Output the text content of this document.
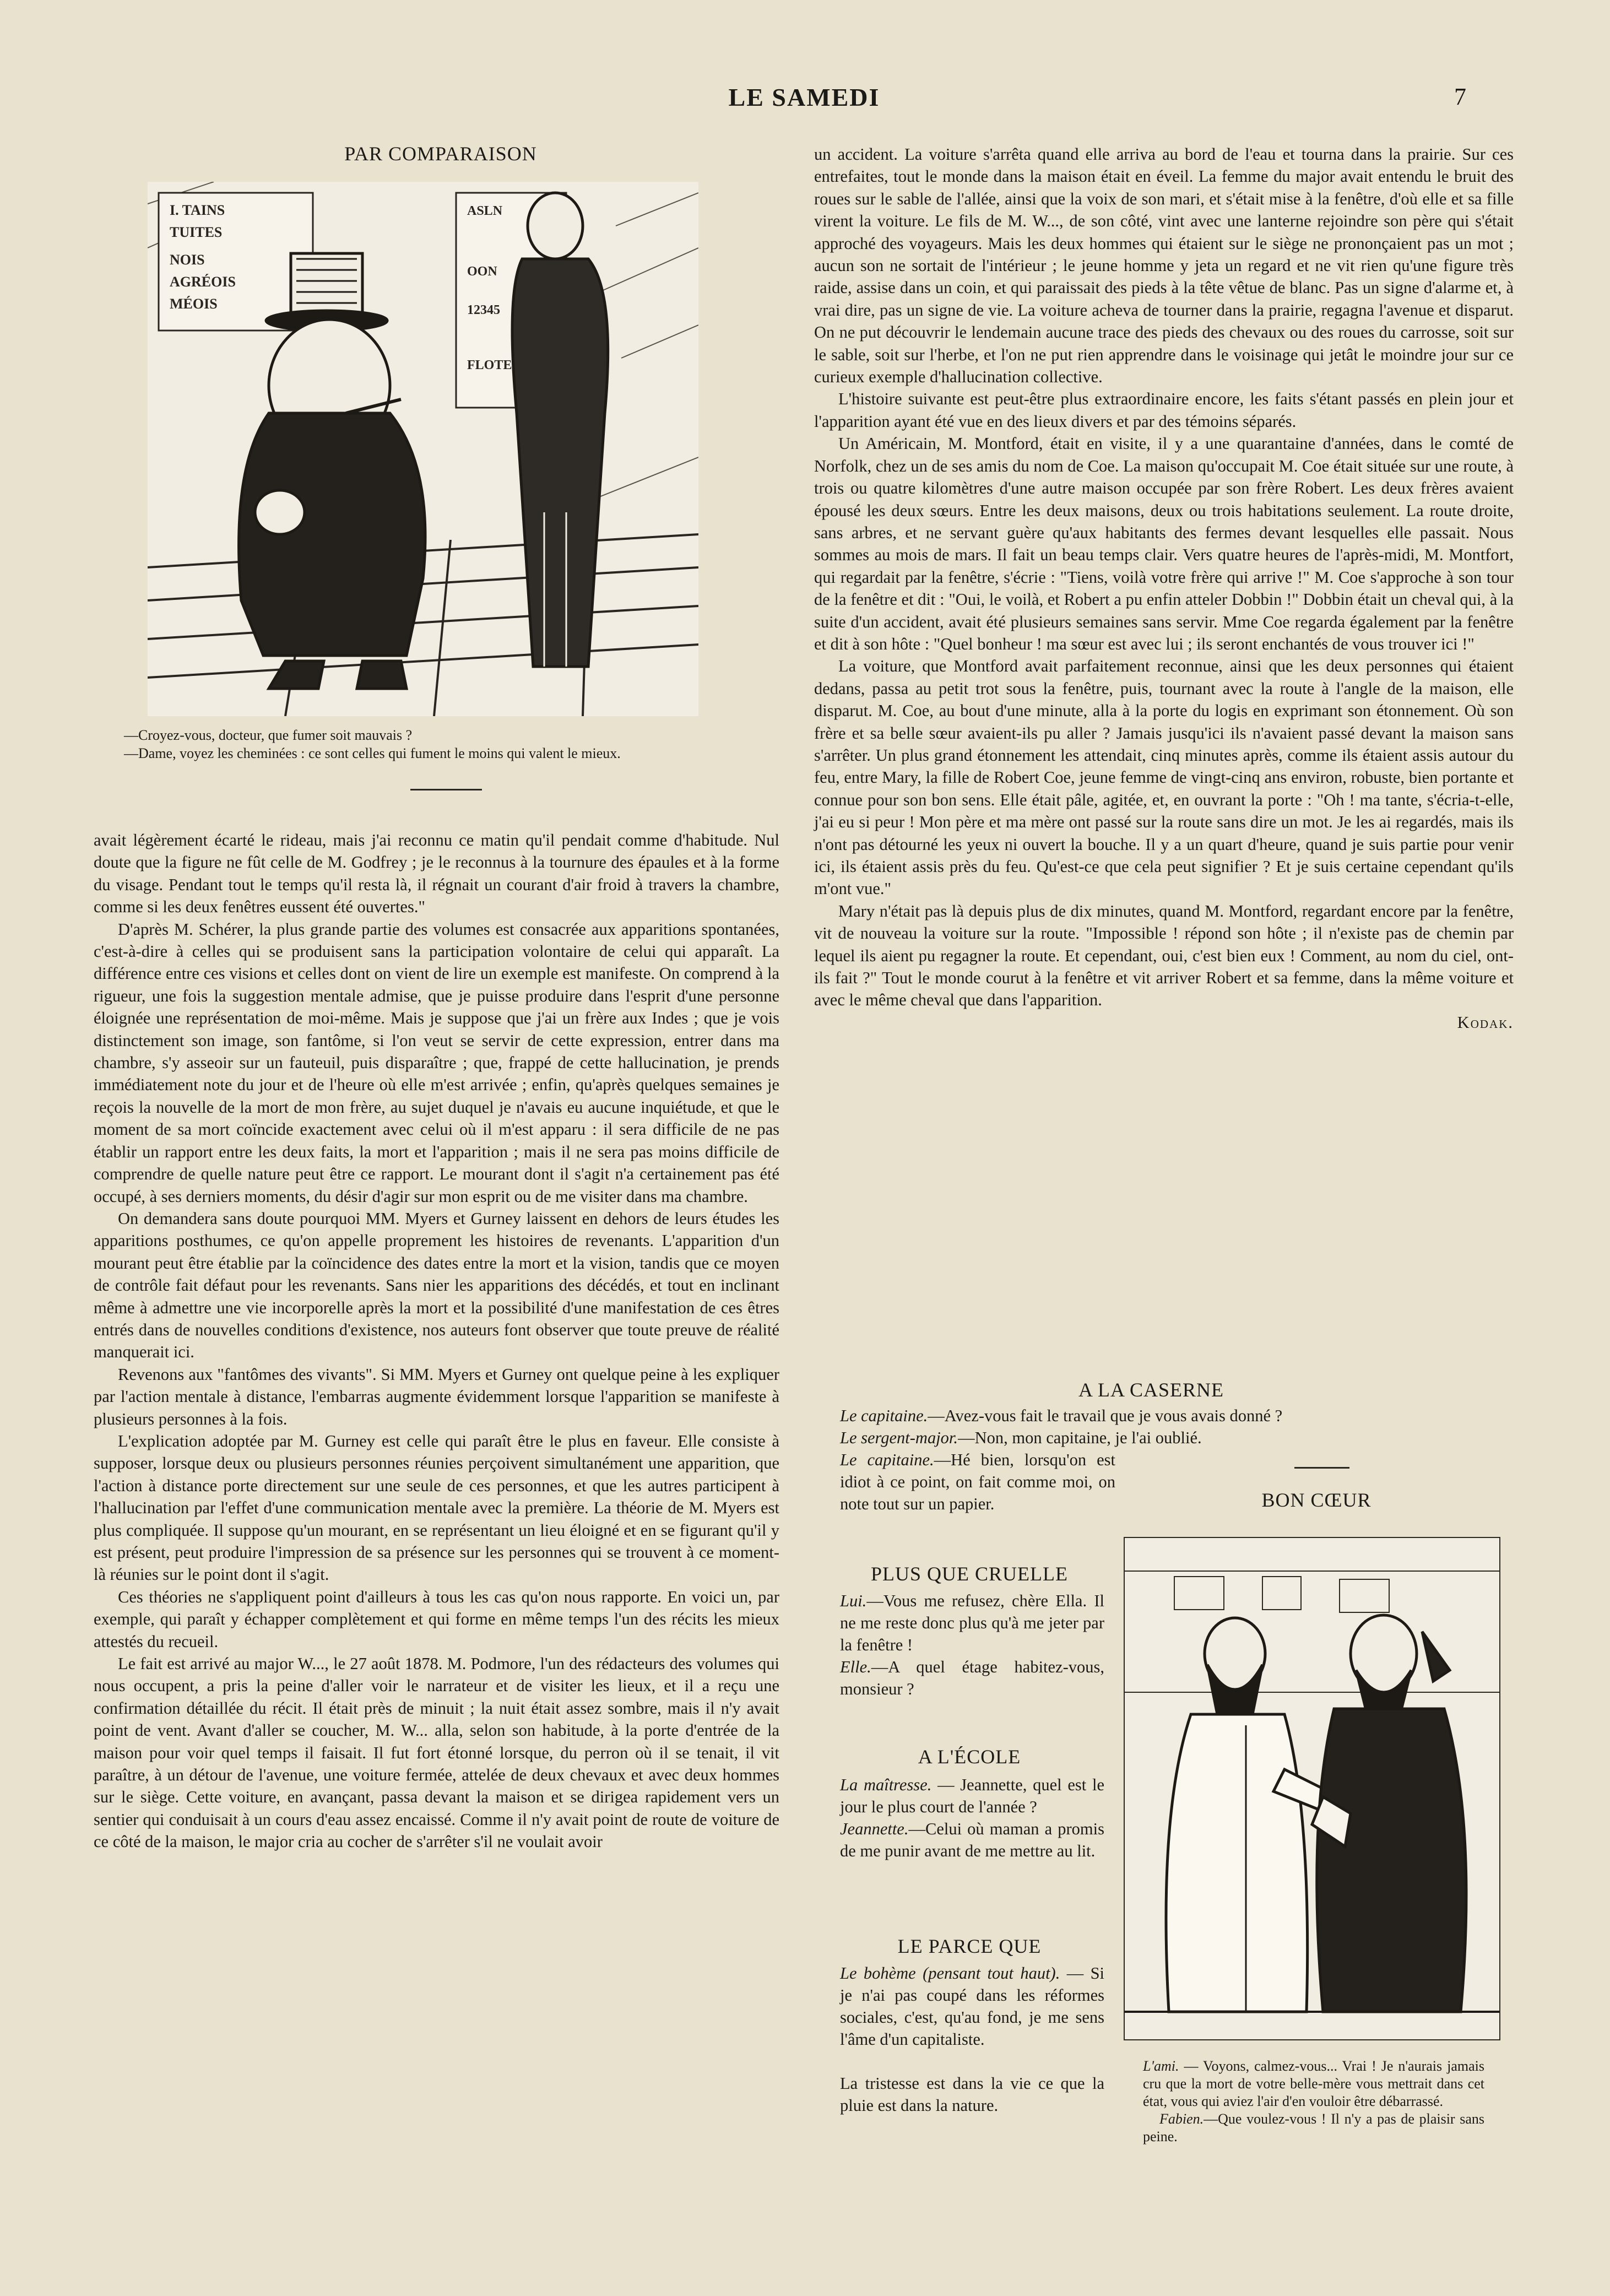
LE SAMEDI	7
PAR COMPARAISON
I. TAINS
TUITES
NOIS
AGRÉOIS
MÉOIS
ASLN
OON
12345
FLOTE

—Croyez-vous, docteur, que fumer soit mauvais ?

—Dame, voyez les cheminées : ce sont celles qui fument le moins qui valent le mieux.

avait légèrement écarté le rideau, mais j'ai reconnu ce matin qu'il pendait comme d'habitude. Nul doute que la figure ne fût celle de M. Godfrey ; je le reconnus à la tournure des épaules et à la forme du visage. Pendant tout le temps qu'il resta là, il régnait un courant d'air froid à travers la chambre, comme si les deux fenêtres eussent été ouvertes."

D'après M. Schérer, la plus grande partie des volumes est consacrée aux apparitions spontanées, c'est-à-dire à celles qui se produisent sans la participation volontaire de celui qui apparaît. La différence entre ces visions et celles dont on vient de lire un exemple est manifeste. On comprend à la rigueur, une fois la suggestion mentale admise, que je puisse produire dans l'esprit d'une personne éloignée une représentation de moi-même. Mais je suppose que j'ai un frère aux Indes ; que je vois distinctement son image, son fantôme, si l'on veut se servir de cette expression, entrer dans ma chambre, s'y asseoir sur un fauteuil, puis disparaître ; que, frappé de cette hallucination, je prends immédiatement note du jour et de l'heure où elle m'est arrivée ; enfin, qu'après quelques semaines je reçois la nouvelle de la mort de mon frère, au sujet duquel je n'avais eu aucune inquiétude, et que le moment de sa mort coïncide exactement avec celui où il m'est apparu : il sera difficile de ne pas établir un rapport entre les deux faits, la mort et l'apparition ; mais il ne sera pas moins difficile de comprendre de quelle nature peut être ce rapport. Le mourant dont il s'agit n'a certainement pas été occupé, à ses derniers moments, du désir d'agir sur mon esprit ou de me visiter dans ma chambre.

On demandera sans doute pourquoi MM. Myers et Gurney laissent en dehors de leurs études les apparitions posthumes, ce qu'on appelle proprement les histoires de revenants. L'apparition d'un mourant peut être établie par la coïncidence des dates entre la mort et la vision, tandis que ce moyen de contrôle fait défaut pour les revenants. Sans nier les apparitions des décédés, et tout en inclinant même à admettre une vie incorporelle après la mort et la possibilité d'une manifestation de ces êtres entrés dans de nouvelles conditions d'existence, nos auteurs font observer que toute preuve de réalité manquerait ici.

Revenons aux "fantômes des vivants". Si MM. Myers et Gurney ont quelque peine à les expliquer par l'action mentale à distance, l'embarras augmente évidemment lorsque l'apparition se manifeste à plusieurs personnes à la fois.

L'explication adoptée par M. Gurney est celle qui paraît être le plus en faveur. Elle consiste à supposer, lorsque deux ou plusieurs personnes réunies perçoivent simultanément une apparition, que l'action à distance porte directement sur une seule de ces personnes, et que les autres participent à l'hallucination par l'effet d'une communication mentale avec la première. La théorie de M. Myers est plus compliquée. Il suppose qu'un mourant, en se représentant un lieu éloigné et en se figurant qu'il y est présent, peut produire l'impression de sa présence sur les personnes qui se trouvent à ce moment-là réunies sur le point dont il s'agit.

Ces théories ne s'appliquent point d'ailleurs à tous les cas qu'on nous rapporte. En voici un, par exemple, qui paraît y échapper complètement et qui forme en même temps l'un des récits les mieux attestés du recueil.

Le fait est arrivé au major W..., le 27 août 1878. M. Podmore, l'un des rédacteurs des volumes qui nous occupent, a pris la peine d'aller voir le narrateur et de visiter les lieux, et il a reçu une confirmation détaillée du récit. Il était près de minuit ; la nuit était assez sombre, mais il n'y avait point de vent. Avant d'aller se coucher, M. W... alla, selon son habitude, à la porte d'entrée de la maison pour voir quel temps il faisait. Il fut fort étonné lorsque, du perron où il se tenait, il vit paraître, à un détour de l'avenue, une voiture fermée, attelée de deux chevaux et avec deux hommes sur le siège. Cette voiture, en avançant, passa devant la maison et se dirigea rapidement vers un sentier qui conduisait à un cours d'eau assez encaissé. Comme il n'y avait point de route de voiture de ce côté de la maison, le major cria au cocher de s'arrêter s'il ne voulait avoir

un accident. La voiture s'arrêta quand elle arriva au bord de l'eau et tourna dans la prairie. Sur ces entrefaites, tout le monde dans la maison était en éveil. La femme du major avait entendu le bruit des roues sur le sable de l'allée, ainsi que la voix de son mari, et s'était mise à la fenêtre, d'où elle et sa fille virent la voiture. Le fils de M. W..., de son côté, vint avec une lanterne rejoindre son père qui s'était approché des voyageurs. Mais les deux hommes qui étaient sur le siège ne prononçaient pas un mot ; aucun son ne sortait de l'intérieur ; le jeune homme y jeta un regard et ne vit rien qu'une figure très raide, assise dans un coin, et qui paraissait des pieds à la tête vêtue de blanc. Pas un signe d'alarme et, à vrai dire, pas un signe de vie. La voiture acheva de tourner dans la prairie, regagna l'avenue et disparut. On ne put découvrir le lendemain aucune trace des pieds des chevaux ou des roues du carrosse, soit sur le sable, soit sur l'herbe, et l'on ne put rien apprendre dans le voisinage qui jetât le moindre jour sur ce curieux exemple d'hallucination collective.

L'histoire suivante est peut-être plus extraordinaire encore, les faits s'étant passés en plein jour et l'apparition ayant été vue en des lieux divers et par des témoins séparés.

Un Américain, M. Montford, était en visite, il y a une quarantaine d'années, dans le comté de Norfolk, chez un de ses amis du nom de Coe. La maison qu'occupait M. Coe était située sur une route, à trois ou quatre kilomètres d'une autre maison occupée par son frère Robert. Les deux frères avaient épousé les deux sœurs. Entre les deux maisons, deux ou trois habitations seulement. La route droite, sans arbres, et ne servant guère qu'aux habitants des fermes devant lesquelles elle passait. Nous sommes au mois de mars. Il fait un beau temps clair. Vers quatre heures de l'après-midi, M. Montfort, qui regardait par la fenêtre, s'écrie : "Tiens, voilà votre frère qui arrive !" M. Coe s'approche à son tour de la fenêtre et dit : "Oui, le voilà, et Robert a pu enfin atteler Dobbin !" Dobbin était un cheval qui, à la suite d'un accident, avait été plusieurs semaines sans servir. Mme Coe regarda également par la fenêtre et dit à son hôte : "Quel bonheur ! ma sœur est avec lui ; ils seront enchantés de vous trouver ici !"

La voiture, que Montford avait parfaitement reconnue, ainsi que les deux personnes qui étaient dedans, passa au petit trot sous la fenêtre, puis, tournant avec la route à l'angle de la maison, elle disparut. M. Coe, au bout d'une minute, alla à la porte du logis en exprimant son étonnement. Où son frère et sa belle sœur avaient-ils pu aller ? Jamais jusqu'ici ils n'avaient passé devant la maison sans s'arrêter. Un plus grand étonnement les attendait, cinq minutes après, comme ils étaient assis autour du feu, entre Mary, la fille de Robert Coe, jeune femme de vingt-cinq ans environ, robuste, bien portante et connue pour son bon sens. Elle était pâle, agitée, et, en ouvrant la porte : "Oh ! ma tante, s'écria-t-elle, j'ai eu si peur ! Mon père et ma mère ont passé sur la route sans dire un mot. Je les ai regardés, mais ils n'ont pas détourné les yeux ni ouvert la bouche. Il y a un quart d'heure, quand je suis partie pour venir ici, ils étaient assis près du feu. Qu'est-ce que cela peut signifier ? Et je suis certaine cependant qu'ils m'ont vue."

Mary n'était pas là depuis plus de dix minutes, quand M. Montford, regardant encore par la fenêtre, vit de nouveau la voiture sur la route. "Impossible ! répond son hôte ; il n'existe pas de chemin par lequel ils aient pu regagner la route. Et cependant, oui, c'est bien eux ! Comment, au nom du ciel, ont-ils fait ?" Tout le monde courut à la fenêtre et vit arriver Robert et sa femme, dans la même voiture et avec le même cheval que dans l'apparition.

Kodak.

A LA CASERNE

Le capitaine.—Avez-vous fait le travail que je vous avais donné ?

Le sergent-major.—Non, mon capitaine, je l'ai oublié.

Le capitaine.—Hé bien, lorsqu'on est idiot à ce point, on fait comme moi, on note tout sur un papier.

PLUS QUE CRUELLE

Lui.—Vous me refusez, chère Ella. Il ne me reste donc plus qu'à me jeter par la fenêtre !

Elle.—A quel étage habitez-vous, monsieur ?

A L'ÉCOLE

La maîtresse. — Jeannette, quel est le jour le plus court de l'année ?

Jeannette.—Celui où maman a promis de me punir avant de me mettre au lit.

LE PARCE QUE

Le bohème (pensant tout haut). — Si je n'ai pas coupé dans les réformes sociales, c'est, qu'au fond, je me sens l'âme d'un capitaliste.

La tristesse est dans la vie ce que la pluie est dans la nature.

BON CŒUR

L'ami. — Voyons, calmez-vous... Vrai ! Je n'aurais jamais cru que la mort de votre belle-mère vous mettrait dans cet état, vous qui aviez l'air d'en vouloir être débarrassé.

Fabien.—Que voulez-vous ! Il n'y a pas de plaisir sans peine.
